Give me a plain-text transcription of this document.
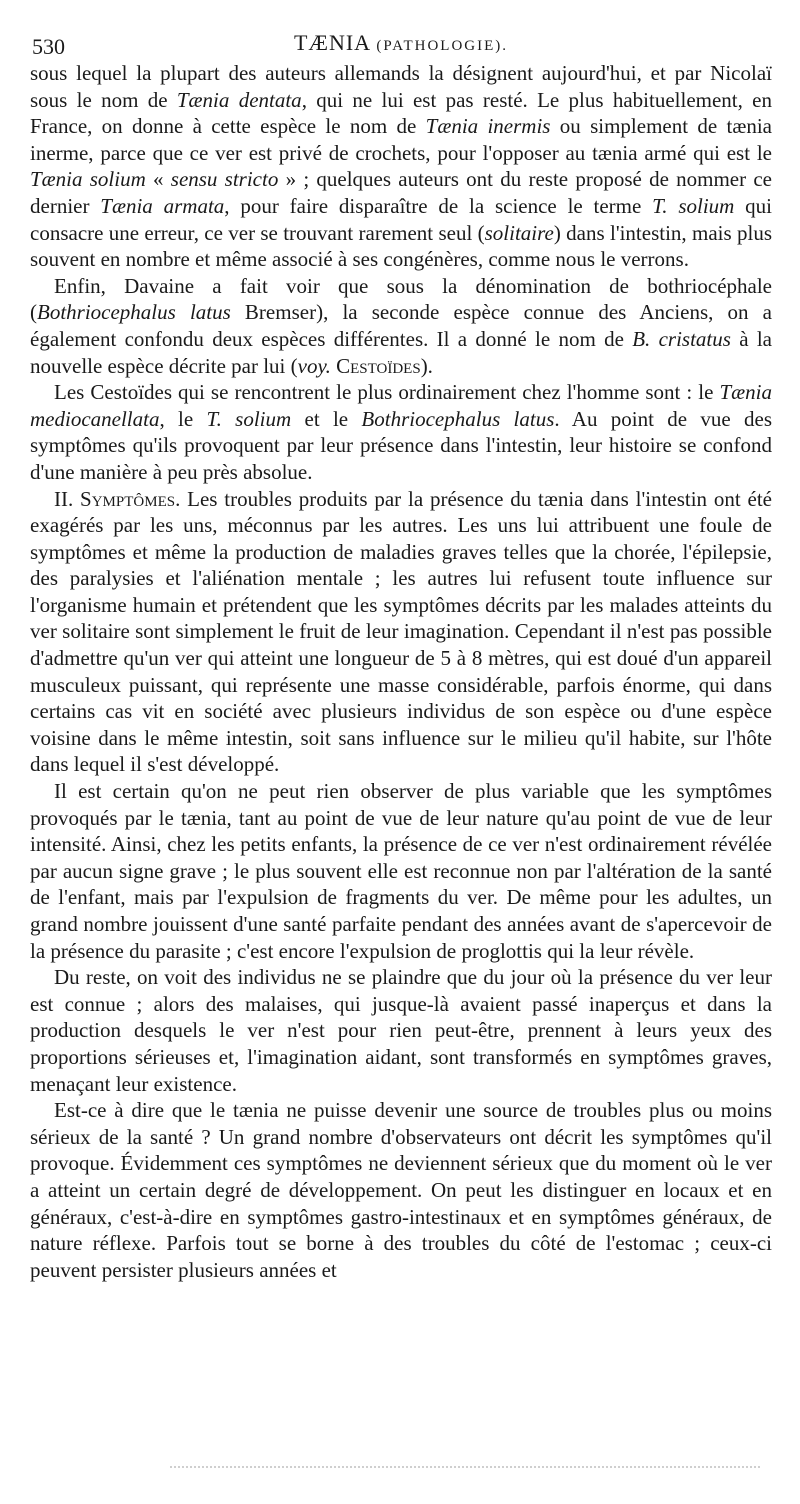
530	TÆNIA (PATHOLOGIE).

sous lequel la plupart des auteurs allemands la désignent aujourd'hui, et par Nicolaï sous le nom de Tænia dentata, qui ne lui est pas resté. Le plus habituellement, en France, on donne à cette espèce le nom de Tænia inermis ou simplement de tænia inerme, parce que ce ver est privé de crochets, pour l'opposer au tænia armé qui est le Tænia solium « sensu stricto » ; quelques auteurs ont du reste proposé de nommer ce dernier Tænia armata, pour faire disparaître de la science le terme T. solium qui consacre une erreur, ce ver se trouvant rarement seul (solitaire) dans l'intestin, mais plus souvent en nombre et même associé à ses congénères, comme nous le verrons.

Enfin, Davaine a fait voir que sous la dénomination de bothriocéphale (Bothriocephalus latus Bremser), la seconde espèce connue des Anciens, on a également confondu deux espèces différentes. Il a donné le nom de B. cristatus à la nouvelle espèce décrite par lui (voy. Cestoïdes).

Les Cestoïdes qui se rencontrent le plus ordinairement chez l'homme sont : le Tænia mediocanellata, le T. solium et le Bothriocephalus latus. Au point de vue des symptômes qu'ils provoquent par leur présence dans l'intestin, leur histoire se confond d'une manière à peu près absolue.

II. Symptômes. Les troubles produits par la présence du tænia dans l'intestin ont été exagérés par les uns, méconnus par les autres. Les uns lui attribuent une foule de symptômes et même la production de maladies graves telles que la chorée, l'épilepsie, des paralysies et l'aliénation mentale ; les autres lui refusent toute influence sur l'organisme humain et prétendent que les symptômes décrits par les malades atteints du ver solitaire sont simplement le fruit de leur imagination. Cependant il n'est pas possible d'admettre qu'un ver qui atteint une longueur de 5 à 8 mètres, qui est doué d'un appareil musculeux puissant, qui représente une masse considérable, parfois énorme, qui dans certains cas vit en société avec plusieurs individus de son espèce ou d'une espèce voisine dans le même intestin, soit sans influence sur le milieu qu'il habite, sur l'hôte dans lequel il s'est développé.

Il est certain qu'on ne peut rien observer de plus variable que les symptômes provoqués par le tænia, tant au point de vue de leur nature qu'au point de vue de leur intensité. Ainsi, chez les petits enfants, la présence de ce ver n'est ordinairement révélée par aucun signe grave ; le plus souvent elle est reconnue non par l'altération de la santé de l'enfant, mais par l'expulsion de fragments du ver. De même pour les adultes, un grand nombre jouissent d'une santé parfaite pendant des années avant de s'apercevoir de la présence du parasite ; c'est encore l'expulsion de proglottis qui la leur révèle.

Du reste, on voit des individus ne se plaindre que du jour où la présence du ver leur est connue ; alors des malaises, qui jusque-là avaient passé inaperçus et dans la production desquels le ver n'est pour rien peut-être, prennent à leurs yeux des proportions sérieuses et, l'imagination aidant, sont transformés en symptômes graves, menaçant leur existence.

Est-ce à dire que le tænia ne puisse devenir une source de troubles plus ou moins sérieux de la santé ? Un grand nombre d'observateurs ont décrit les symptômes qu'il provoque. Évidemment ces symptômes ne deviennent sérieux que du moment où le ver a atteint un certain degré de développement. On peut les distinguer en locaux et en généraux, c'est-à-dire en symptômes gastro-intestinaux et en symptômes généraux, de nature réflexe. Parfois tout se borne à des troubles du côté de l'estomac ; ceux-ci peuvent persister plusieurs années et
